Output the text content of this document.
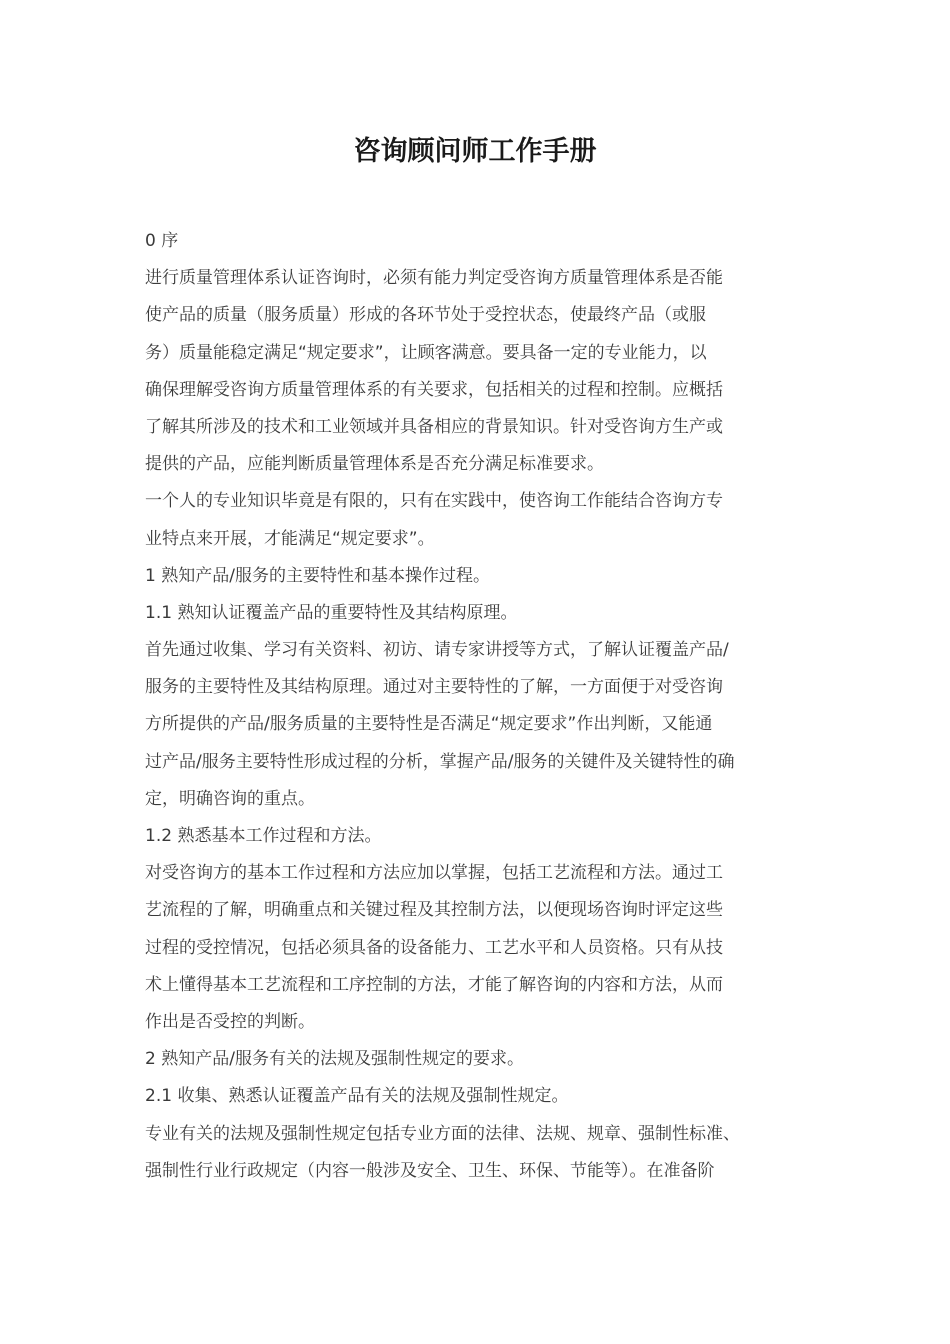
咨询顾问师工作手册
0 序
进行质量管理体系认证咨询时，必须有能力判定受咨询方质量管理体系是否能
使产品的质量（服务质量）形成的各环节处于受控状态，使最终产品（或服
务）质量能稳定满足“规定要求”，让顾客满意。要具备一定的专业能力，以
确保理解受咨询方质量管理体系的有关要求，包括相关的过程和控制。应概括
了解其所涉及的技术和工业领域并具备相应的背景知识。针对受咨询方生产或
提供的产品，应能判断质量管理体系是否充分满足标准要求。
一个人的专业知识毕竟是有限的，只有在实践中，使咨询工作能结合咨询方专
业特点来开展，才能满足“规定要求”。
1 熟知产品/服务的主要特性和基本操作过程。
1.1 熟知认证覆盖产品的重要特性及其结构原理。
首先通过收集、学习有关资料、初访、请专家讲授等方式，了解认证覆盖产品/
服务的主要特性及其结构原理。通过对主要特性的了解，一方面便于对受咨询
方所提供的产品/服务质量的主要特性是否满足“规定要求”作出判断，又能通
过产品/服务主要特性形成过程的分析，掌握产品/服务的关键件及关键特性的确
定，明确咨询的重点。
1.2 熟悉基本工作过程和方法。
对受咨询方的基本工作过程和方法应加以掌握，包括工艺流程和方法。通过工
艺流程的了解，明确重点和关键过程及其控制方法，以便现场咨询时评定这些
过程的受控情况，包括必须具备的设备能力、工艺水平和人员资格。只有从技
术上懂得基本工艺流程和工序控制的方法，才能了解咨询的内容和方法，从而
作出是否受控的判断。
2 熟知产品/服务有关的法规及强制性规定的要求。
2.1 收集、熟悉认证覆盖产品有关的法规及强制性规定。
专业有关的法规及强制性规定包括专业方面的法律、法规、规章、强制性标准、
强制性行业行政规定（内容一般涉及安全、卫生、环保、节能等）。在准备阶
